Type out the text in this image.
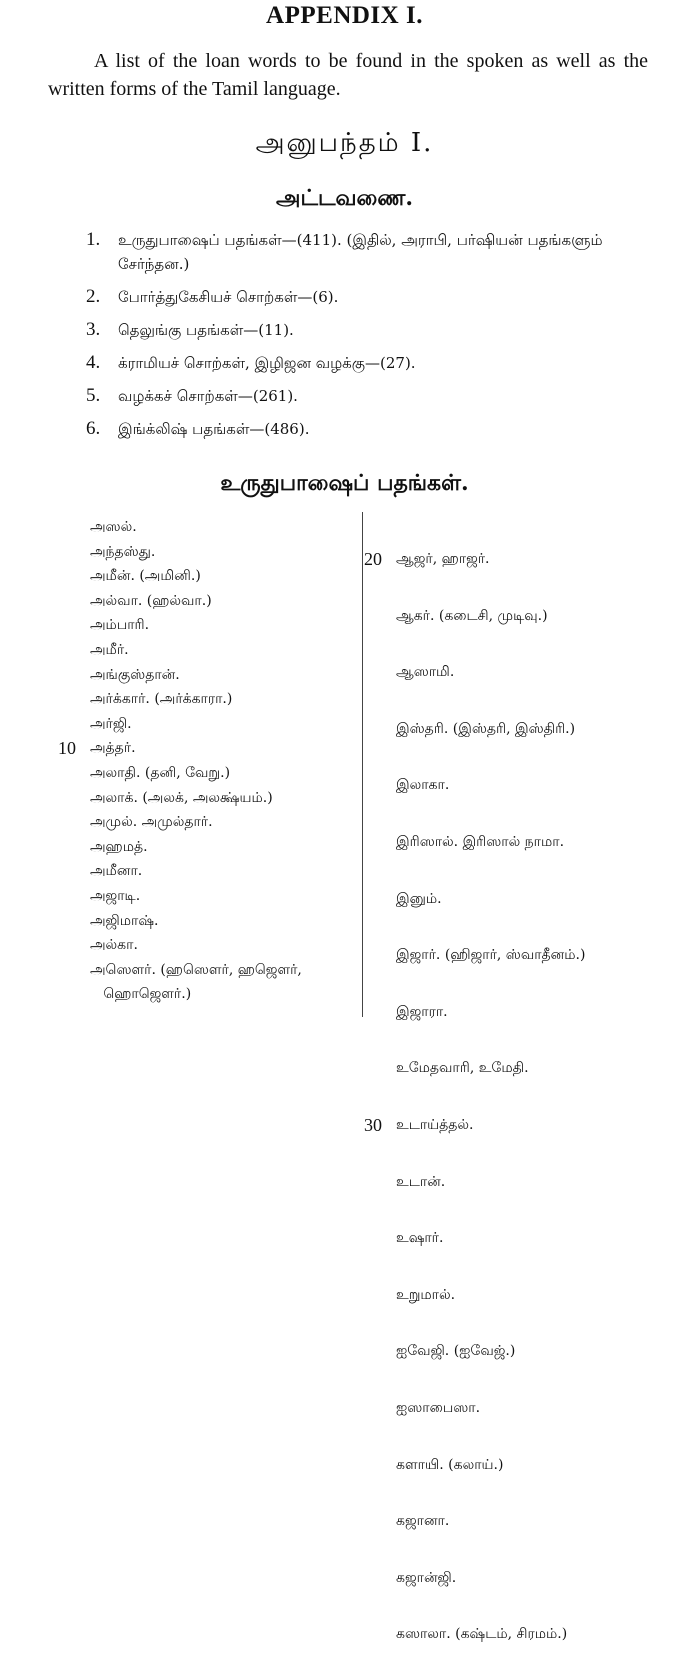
APPENDIX I.
A list of the loan words to be found in the spoken as well as the written forms of the Tamil language.
அனுபந்தம் I.
அட்டவணை.
1. உருதுபாஷைப் பதங்கள்—(411). (இதில், அராபி, பர்ஷியன் பதங்களும் சேர்ந்தன.)
2. போர்த்துகேசியச் சொற்கள்—(6).
3. தெலுங்கு பதங்கள்—(11).
4. க்ராமியச் சொற்கள், இழிஜன வழக்கு—(27).
5. வழக்கச் சொற்கள்—(261).
6. இங்க்லிஷ் பதங்கள்—(486).
உருதுபாஷைப் பதங்கள்.
அஸல்.
அந்தஸ்து.
அமீன். (அமினி.)
அல்வா. (ஹல்வா.)
அம்பாரி.
அமீர்.
அங்குஸ்தான்.
அர்க்கார். (அர்க்காரா.)
அர்ஜி.
10 அத்தர்.
அலாதி. (தனி, வேறு.)
அலாக். (அலக், அலக்ஷ்யம்.)
அமுல். அமுல்தார்.
அஹமத்.
அமீனா.
அஜாடி.
அஜிமாஷ்.
அல்கா.
அஸௌர். (ஹஸௌர், ஹஜௌர்,
ஹொஜௌர்.)

20 ஆஜர், ஹாஜர்.

ஆகர். (கடைசி, முடிவு.)

ஆஸாமி.

இஸ்தரி. (இஸ்தரி, இஸ்திரி.)

இலாகா.

இரிஸால். இரிஸால் நாமா.

இனும்.

இஜார். (ஹிஜார், ஸ்வாதீனம்.)

இஜாரா.

உமேதவாரி, உமேதி.

30 உடாய்த்தல்.

உடான்.

உஷார்.

உறுமால்.

ஐவேஜி. (ஐவேஜ்.)

ஐஸாபைஸா.

களாயி. (கலாய்.)

கஜானா.

கஜான்ஜி.

கஸாலா. (கஷ்டம், சிரமம்.)
